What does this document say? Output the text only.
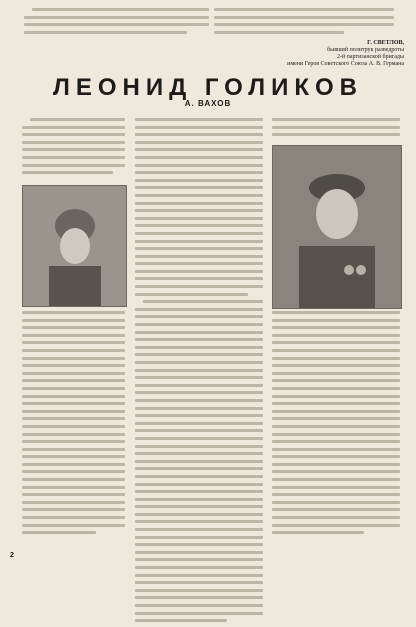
Г. СВЕТЛОВ,
бывший политрук разведроты
2-й партизанской бригады
имени Героя Советского Союза А. В. Германа
ЛЕОНИД ГОЛИКОВ
А. ВАХОВ
2
